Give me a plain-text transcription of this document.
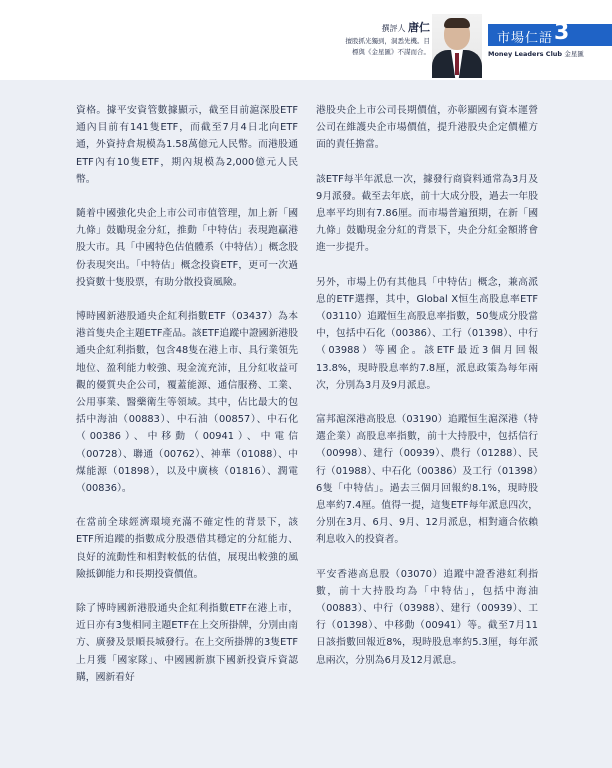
撰評人 唐仁
擅股抓光獨到，洞悉先機。目
標與《金星匯》不謀而合。
市場仁語 3
Money Leaders Club 金星匯

資格。據平安資管數據顯示，截至目前滬深股ETF通內目前有141隻ETF，而截至7月4日北向ETF通，外資持倉規模為1.58萬億元人民幣。而港股通ETF內有10隻ETF，期內規模為2,000億元人民幣。

隨着中國強化央企上市公司市值管理，加上新「國九條」鼓勵現金分紅，推動「中特估」表現跑贏港股大市。具「中國特色估值體系（中特估）」概念股份表現突出。「中特估」概念投資ETF，更可一次過投資數十隻股票，有助分散投資風險。

博時國新港股通央企紅利指數ETF（03437）為本港首隻央企主題ETF產品。該ETF追蹤中證國新港股通央企紅利指數，包含48隻在港上市、具行業領先地位、盈利能力較強、現金流充沛，且分紅收益可觀的優質央企公司，覆蓋能源、通信服務、工業、公用事業、醫藥衛生等領域。其中，佔比最大的包括中海油（00883）、中石油（00857）、中石化（00386）、中移動（00941）、中電信（00728）、聯通（00762）、神華（01088）、中煤能源（01898），以及中廣核（01816）、潤電（00836）。

在當前全球經濟環境充滿不確定性的背景下，該ETF所追蹤的指數成分股憑借其穩定的分紅能力、良好的流動性和相對較低的估值，展現出較強的風險抵御能力和長期投資價值。

除了博時國新港股通央企紅利指數ETF在港上市，近日亦有3隻相同主題ETF在上交所掛牌，分別由南方、廣發及景順長城發行。在上交所掛牌的3隻ETF上月獲「國家隊」、中國國新旗下國新投資斥資認購，國新看好

港股央企上市公司長期價值，亦彰顯國有資本運營公司在維護央企市場價值，提升港股央企定價權方面的責任擔當。

該ETF每半年派息一次，據發行商資料通常為3月及9月派發。截至去年底，前十大成分股，過去一年股息率平均則有7.86厘。而市場普遍預期，在新「國九條」鼓勵現金分紅的背景下，央企分紅金額將會進一步提升。

另外，市場上仍有其他具「中特估」概念，兼高派息的ETF選擇，其中，Global X恒生高股息率ETF（03110）追蹤恒生高股息率指數，50隻成分股當中，包括中石化（00386）、工行（01398）、中行（03988）等國企。該ETF最近3個月回報13.8%，現時股息率約7.8厘，派息政策為每年兩次，分別為3月及9月派息。

富邦滬深港高股息（03190）追蹤恒生滬深港（特選企業）高股息率指數，前十大持股中，包括信行（00998）、建行（00939）、農行（01288）、民行（01988）、中石化（00386）及工行（01398）6隻「中特估」。過去三個月回報約8.1%，現時股息率約7.4厘。值得一提，這隻ETF每年派息四次，分別在3月、6月、9月、12月派息，相對適合依賴利息收入的投資者。

平安香港高息股（03070）追蹤中證香港紅利指數，前十大持股均為「中特估」，包括中海油（00883）、中行（03988）、建行（00939）、工行（01398）、中移動（00941）等。截至7月11日該指數回報近8%，現時股息率約5.3厘，每年派息兩次，分別為6月及12月派息。
